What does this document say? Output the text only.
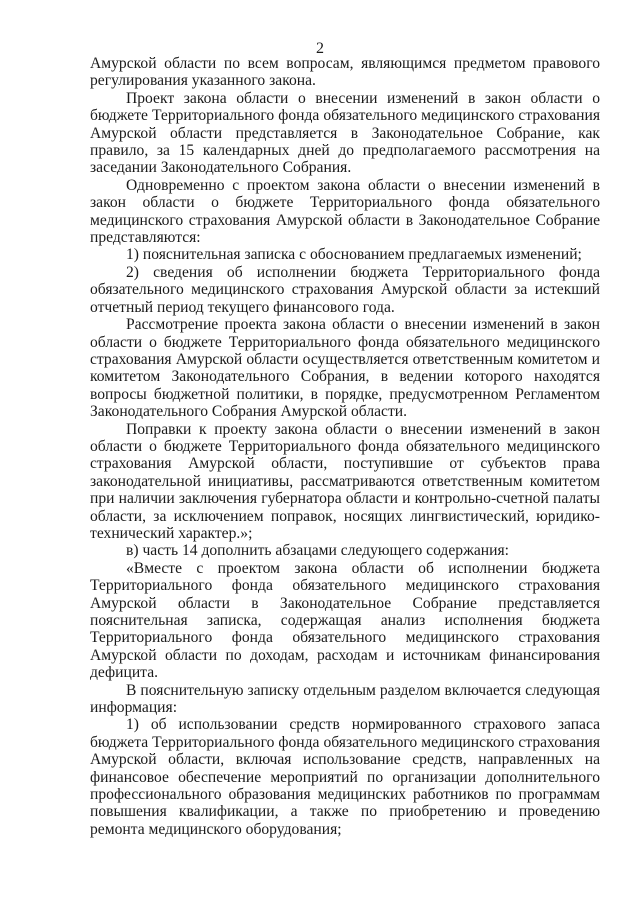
2

Амурской области по всем вопросам, являющимся предметом правового регулирования указанного закона.

Проект закона области о внесении изменений в закон области о бюджете Территориального фонда обязательного медицинского страхования Амурской области представляется в Законодательное Собрание, как правило, за 15 календарных дней до предполагаемого рассмотрения на заседании Законодательного Собрания.

Одновременно с проектом закона области о внесении изменений в закон области о бюджете Территориального фонда обязательного медицинского страхования Амурской области в Законодательное Собрание представляются:

1) пояснительная записка с обоснованием предлагаемых изменений;

2) сведения об исполнении бюджета Территориального фонда обязательного медицинского страхования Амурской области за истекший отчетный период текущего финансового года.

Рассмотрение проекта закона области о внесении изменений в закон области о бюджете Территориального фонда обязательного медицинского страхования Амурской области осуществляется ответственным комитетом и комитетом Законодательного Собрания, в ведении которого находятся вопросы бюджетной политики, в порядке, предусмотренном Регламентом Законодательного Собрания Амурской области.

Поправки к проекту закона области о внесении изменений в закон области о бюджете Территориального фонда обязательного медицинского страхования Амурской области, поступившие от субъектов права законодательной инициативы, рассматриваются ответственным комитетом при наличии заключения губернатора области и контрольно-счетной палаты области, за исключением поправок, носящих лингвистический, юридико-технический характер.»;

в) часть 14 дополнить абзацами следующего содержания:

«Вместе с проектом закона области об исполнении бюджета Территориального фонда обязательного медицинского страхования Амурской области в Законодательное Собрание представляется пояснительная записка, содержащая анализ исполнения бюджета Территориального фонда обязательного медицинского страхования Амурской области по доходам, расходам и источникам финансирования дефицита.

В пояснительную записку отдельным разделом включается следующая информация:

1) об использовании средств нормированного страхового запаса бюджета Территориального фонда обязательного медицинского страхования Амурской области, включая использование средств, направленных на финансовое обеспечение мероприятий по организации дополнительного профессионального образования медицинских работников по программам повышения квалификации, а также по приобретению и проведению ремонта медицинского оборудования;
